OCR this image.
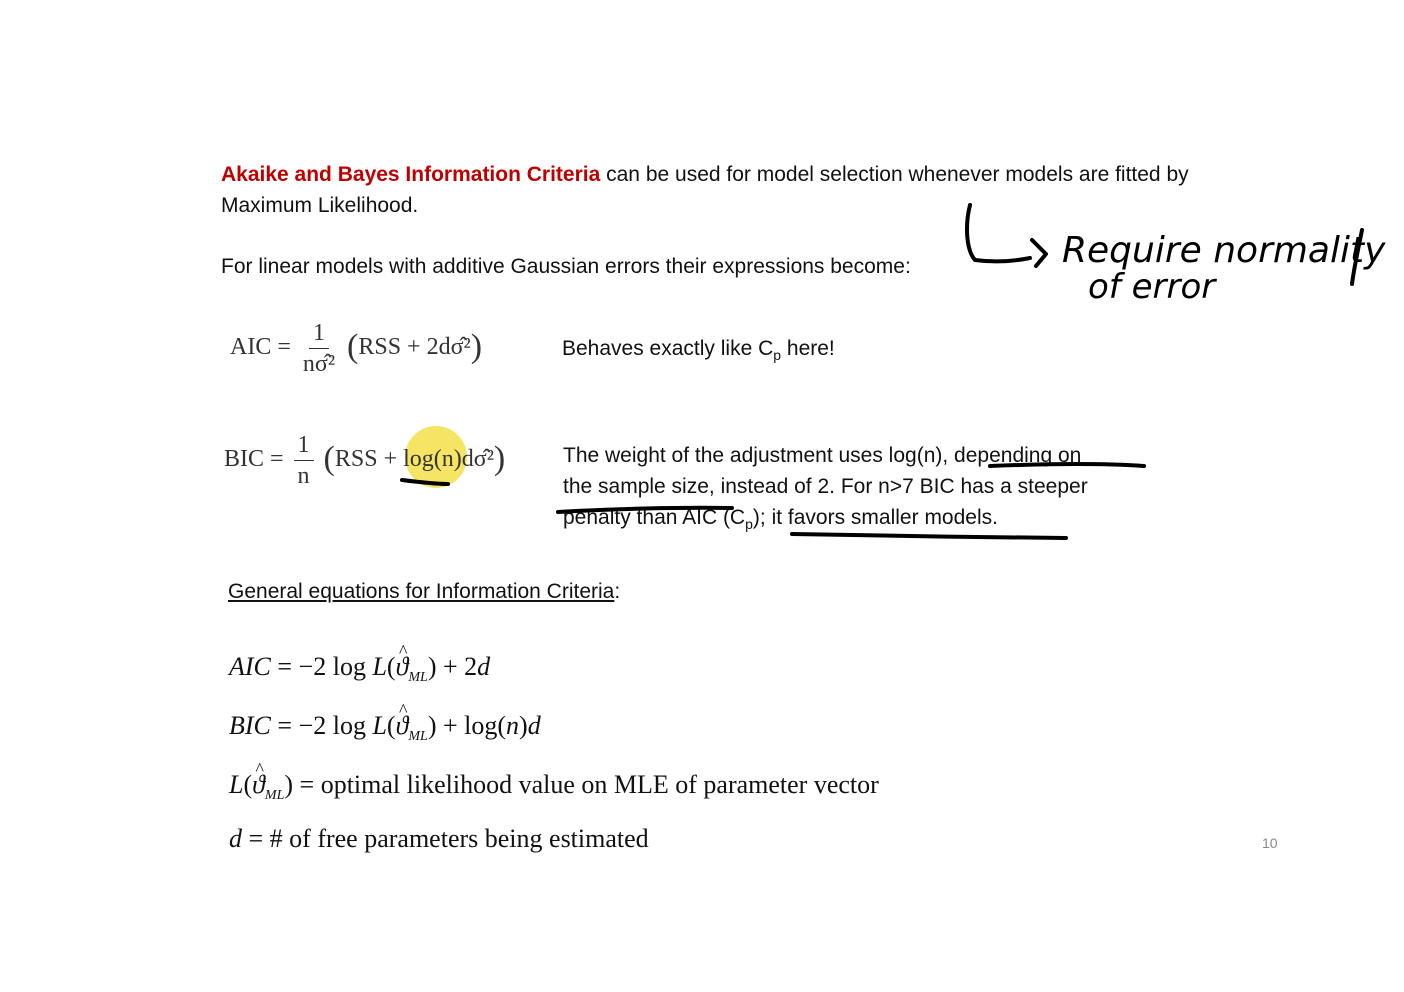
Akaike and Bayes Information Criteria can be used for model selection whenever models are fitted by
Maximum Likelihood.
For linear models with additive Gaussian errors their expressions become:
AIC = $\frac{1}{\text{nσ̂²}} (RSS$ + 2dσ̂²)	Behaves exactly like $C_p$ here!
BIC = $\frac{1}{n} (RSS$ + log(n)dσ̂²)	The weight of the adjustment uses log(n), depending on
the sample size, instead of 2. For n>7 BIC has a steeper
penalty than AIC $(C_p)$; it favors smaller models.
General equations for Information Criteria:
AIC = −2 log L(^ $ϑ_{ML}) + 2d$
BIC = −2 log L(^ $ϑ_{ML}) + \log(n)d$
L(^ $ϑ_{ML}$) = optimal likelihood value on MLE of parameter vector
d = # of free parameters being estimated	10
Require normality
of error
